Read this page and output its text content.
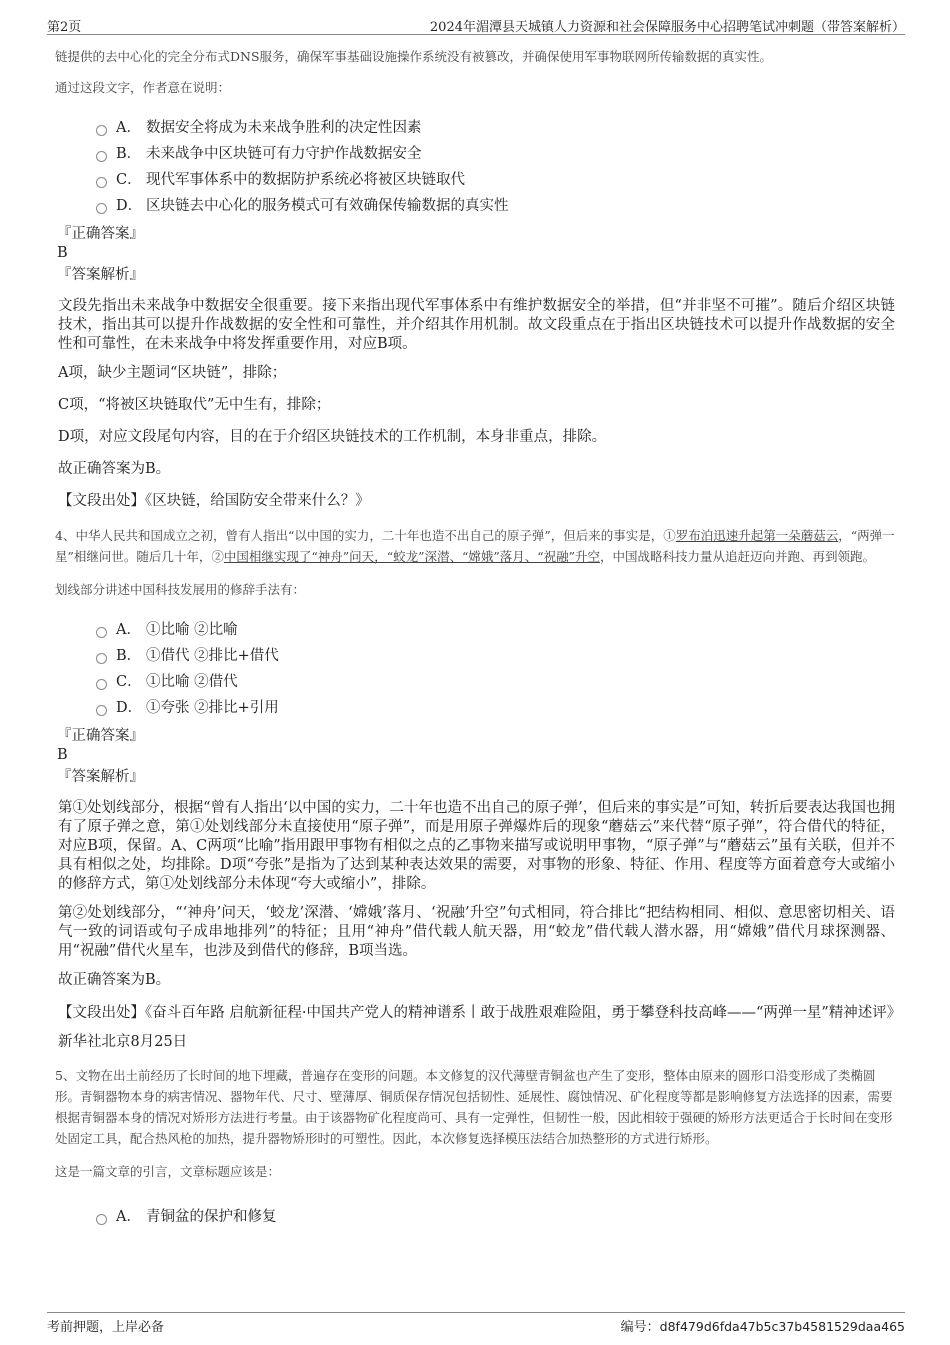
第2页	2024年湄潭县天城镇人力资源和社会保障服务中心招聘笔试冲刺题（带答案解析）

链提供的去中心化的完全分布式DNS服务，确保军事基础设施操作系统没有被篡改，并确保使用军事物联网所传输数据的真实性。

通过这段文字，作者意在说明：

A． 数据安全将成为未来战争胜利的决定性因素
B． 未来战争中区块链可有力守护作战数据安全
C． 现代军事体系中的数据防护系统必将被区块链取代
D． 区块链去中心化的服务模式可有效确保传输数据的真实性

『正确答案』

B

『答案解析』

文段先指出未来战争中数据安全很重要。接下来指出现代军事体系中有维护数据安全的举措，但“并非坚不可摧”。随后介绍区块链技术，指出其可以提升作战数据的安全性和可靠性，并介绍其作用机制。故文段重点在于指出区块链技术可以提升作战数据的安全性和可靠性，在未来战争中将发挥重要作用，对应B项。

A项，缺少主题词“区块链”，排除；

C项，“将被区块链取代”无中生有，排除；

D项，对应文段尾句内容，目的在于介绍区块链技术的工作机制，本身非重点，排除。

故正确答案为B。

【文段出处】《区块链，给国防安全带来什么？》

4、中华人民共和国成立之初，曾有人指出“以中国的实力，二十年也造不出自己的原子弹”，但后来的事实是，①罗布泊迅速升起第一朵蘑菇云，“两弹一星”相继问世。随后几十年，②中国相继实现了“神舟”问天，“蛟龙”深潜、“嫦娥”落月、“祝融”升空，中国战略科技力量从追赶迈向并跑、再到领跑。

划线部分讲述中国科技发展用的修辞手法有：

A． ①比喻 ②比喻
B． ①借代 ②排比+借代
C． ①比喻 ②借代
D． ①夸张 ②排比+引用

『正确答案』

B

『答案解析』

第①处划线部分，根据“曾有人指出‘以中国的实力，二十年也造不出自己的原子弹’，但后来的事实是”可知，转折后要表达我国也拥有了原子弹之意，第①处划线部分未直接使用“原子弹”，而是用原子弹爆炸后的现象“蘑菇云”来代替“原子弹”，符合借代的特征，对应B项，保留。A、C两项“比喻”指用跟甲事物有相似之点的乙事物来描写或说明甲事物，“原子弹”与“蘑菇云”虽有关联，但并不具有相似之处，均排除。D项“夸张”是指为了达到某种表达效果的需要，对事物的形象、特征、作用、程度等方面着意夸大或缩小的修辞方式，第①处划线部分未体现“夸大或缩小”，排除。

第②处划线部分，“‘神舟’问天，‘蛟龙’深潜、‘嫦娥’落月、‘祝融’升空”句式相同，符合排比“把结构相同、相似、意思密切相关、语气一致的词语或句子成串地排列”的特征；且用“神舟”借代载人航天器，用“蛟龙”借代载人潜水器，用“嫦娥”借代月球探测器、用“祝融”借代火星车，也涉及到借代的修辞，B项当选。

故正确答案为B。

【文段出处】《奋斗百年路 启航新征程·中国共产党人的精神谱系丨敢于战胜艰难险阻，勇于攀登科技高峰——“两弹一星”精神述评》

新华社北京8月25日

5、文物在出土前经历了长时间的地下埋藏，普遍存在变形的问题。本文修复的汉代薄壁青铜盆也产生了变形，整体由原来的圆形口沿变形成了类椭圆形。青铜器物本身的病害情况、器物年代、尺寸、壁薄厚、铜质保存情况包括韧性、延展性、腐蚀情况、矿化程度等都是影响修复方法选择的因素，需要根据青铜器本身的情况对矫形方法进行考量。由于该器物矿化程度尚可、具有一定弹性，但韧性一般，因此相较于强硬的矫形方法更适合于长时间在变形处固定工具，配合热风枪的加热，提升器物矫形时的可塑性。因此，本次修复选择模压法结合加热整形的方式进行矫形。

这是一篇文章的引言，文章标题应该是：

A． 青铜盆的保护和修复
考前押题，上岸必备	编号：d8f479d6fda47b5c37b4581529daa465
